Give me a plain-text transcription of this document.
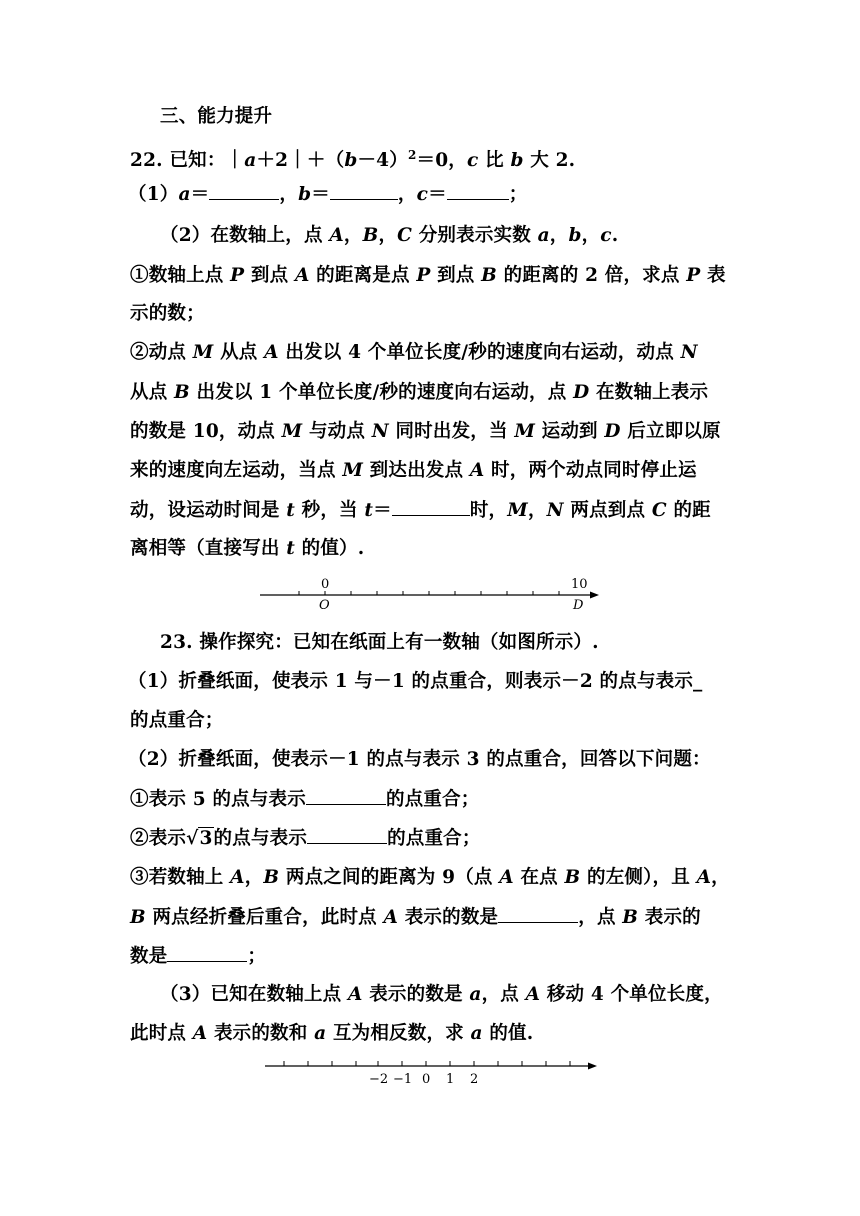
三、能力提升
22. 已知：$|a+2|+(b-4)^2=0$，c 比 b 大 2.
（1）a＝	，b＝	，c＝	；
（2）在数轴上，点 A，B，C 分别表示实数 a，b，c.
①数轴上点 P 到点 A 的距离是点 P 到点 B 的距离的 2 倍，求点 P 表
示的数；
②动点 M 从点 A 出发以 4 个单位长度/秒的速度向右运动，动点 N
从点 B 出发以 1 个单位长度/秒的速度向右运动，点 D 在数轴上表示
的数是 10，动点 M 与动点 N 同时出发，当 M 运动到 D 后立即以原
来的速度向左运动，当点 M 到达出发点 A 时，两个动点同时停止运
动，设运动时间是 t 秒，当 t＝	时，M，N 两点到点 C 的距
离相等（直接写出 t 的值）.
0	10
O	D
23. 操作探究：已知在纸面上有一数轴（如图所示）.
（1）折叠纸面，使表示 1 与－1 的点重合，则表示－2 的点与表示_
的点重合；
（2）折叠纸面，使表示－1 的点与表示 3 的点重合，回答以下问题：
①表示 5 的点与表示	的点重合；
②表示√3的点与表示	的点重合；
③若数轴上 A，B 两点之间的距离为 9（点 A 在点 B 的左侧），且 A，
B 两点经折叠后重合，此时点 A 表示的数是	，点 B 表示的
数是	；
（3）已知在数轴上点 A 表示的数是 a，点 A 移动 4 个单位长度，
此时点 A 表示的数和 a 互为相反数，求 a 的值.
−2 −1 0 1 2
